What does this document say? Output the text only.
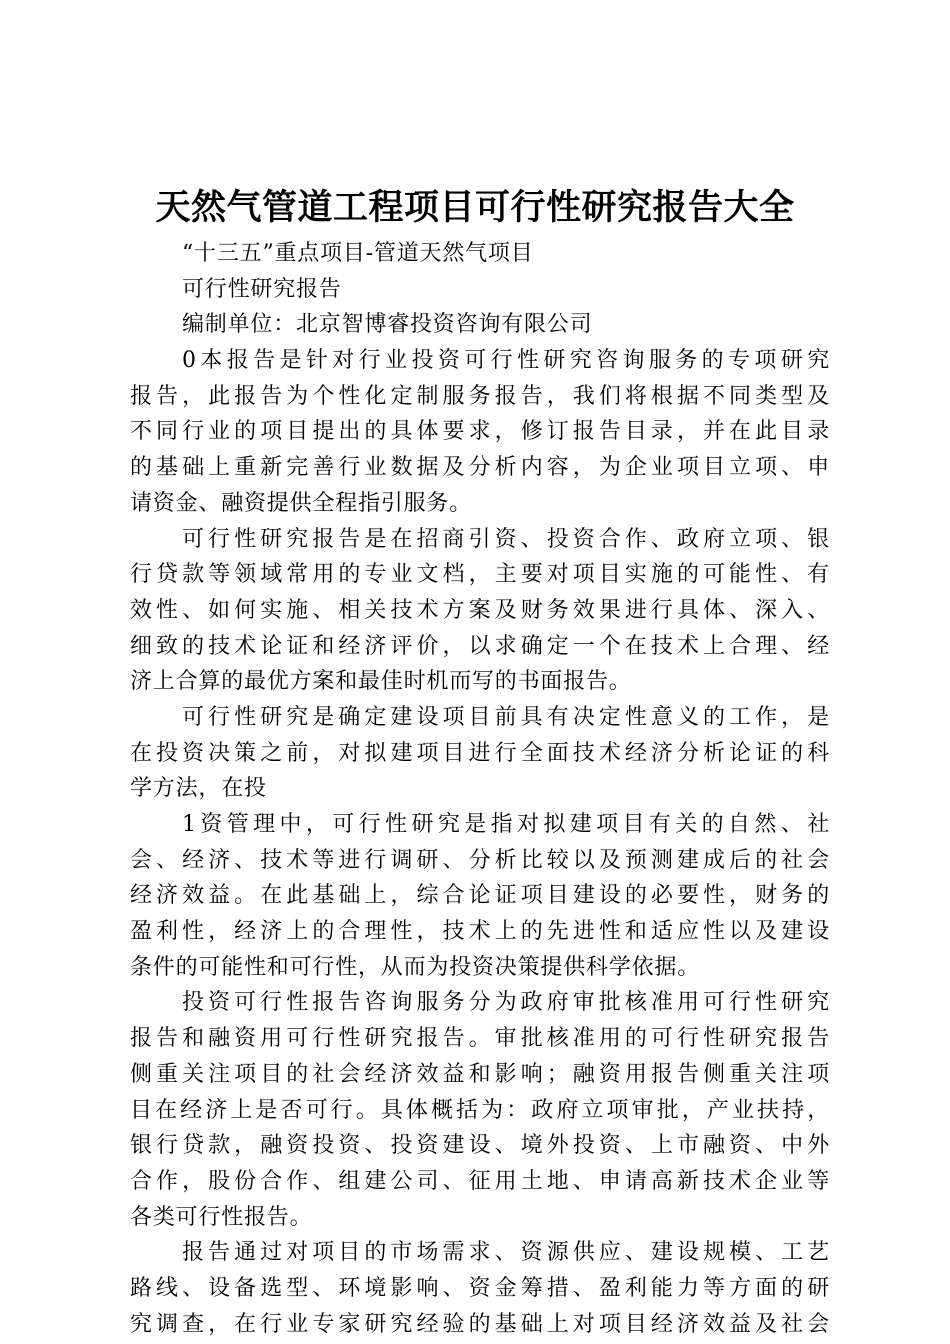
天然气管道工程项目可行性研究报告大全
“十三五”重点项目-管道天然气项目
可行性研究报告
编制单位：北京智博睿投资咨询有限公司
0本报告是针对行业投资可行性研究咨询服务的专项研究
报告，此报告为个性化定制服务报告，我们将根据不同类型及
不同行业的项目提出的具体要求，修订报告目录，并在此目录
的基础上重新完善行业数据及分析内容，为企业项目立项、申
请资金、融资提供全程指引服务。
可行性研究报告是在招商引资、投资合作、政府立项、银
行贷款等领域常用的专业文档，主要对项目实施的可能性、有
效性、如何实施、相关技术方案及财务效果进行具体、深入、
细致的技术论证和经济评价，以求确定一个在技术上合理、经
济上合算的最优方案和最佳时机而写的书面报告。
可行性研究是确定建设项目前具有决定性意义的工作，是
在投资决策之前，对拟建项目进行全面技术经济分析论证的科
学方法，在投
1资管理中，可行性研究是指对拟建项目有关的自然、社
会、经济、技术等进行调研、分析比较以及预测建成后的社会
经济效益。在此基础上，综合论证项目建设的必要性，财务的
盈利性，经济上的合理性，技术上的先进性和适应性以及建设
条件的可能性和可行性，从而为投资决策提供科学依据。
投资可行性报告咨询服务分为政府审批核准用可行性研究
报告和融资用可行性研究报告。审批核准用的可行性研究报告
侧重关注项目的社会经济效益和影响；融资用报告侧重关注项
目在经济上是否可行。具体概括为：政府立项审批，产业扶持，
银行贷款，融资投资、投资建设、境外投资、上市融资、中外
合作，股份合作、组建公司、征用土地、申请高新技术企业等
各类可行性报告。
报告通过对项目的市场需求、资源供应、建设规模、工艺
路线、设备选型、环境影响、资金筹措、盈利能力等方面的研
究调查，在行业专家研究经验的基础上对项目经济效益及社会
